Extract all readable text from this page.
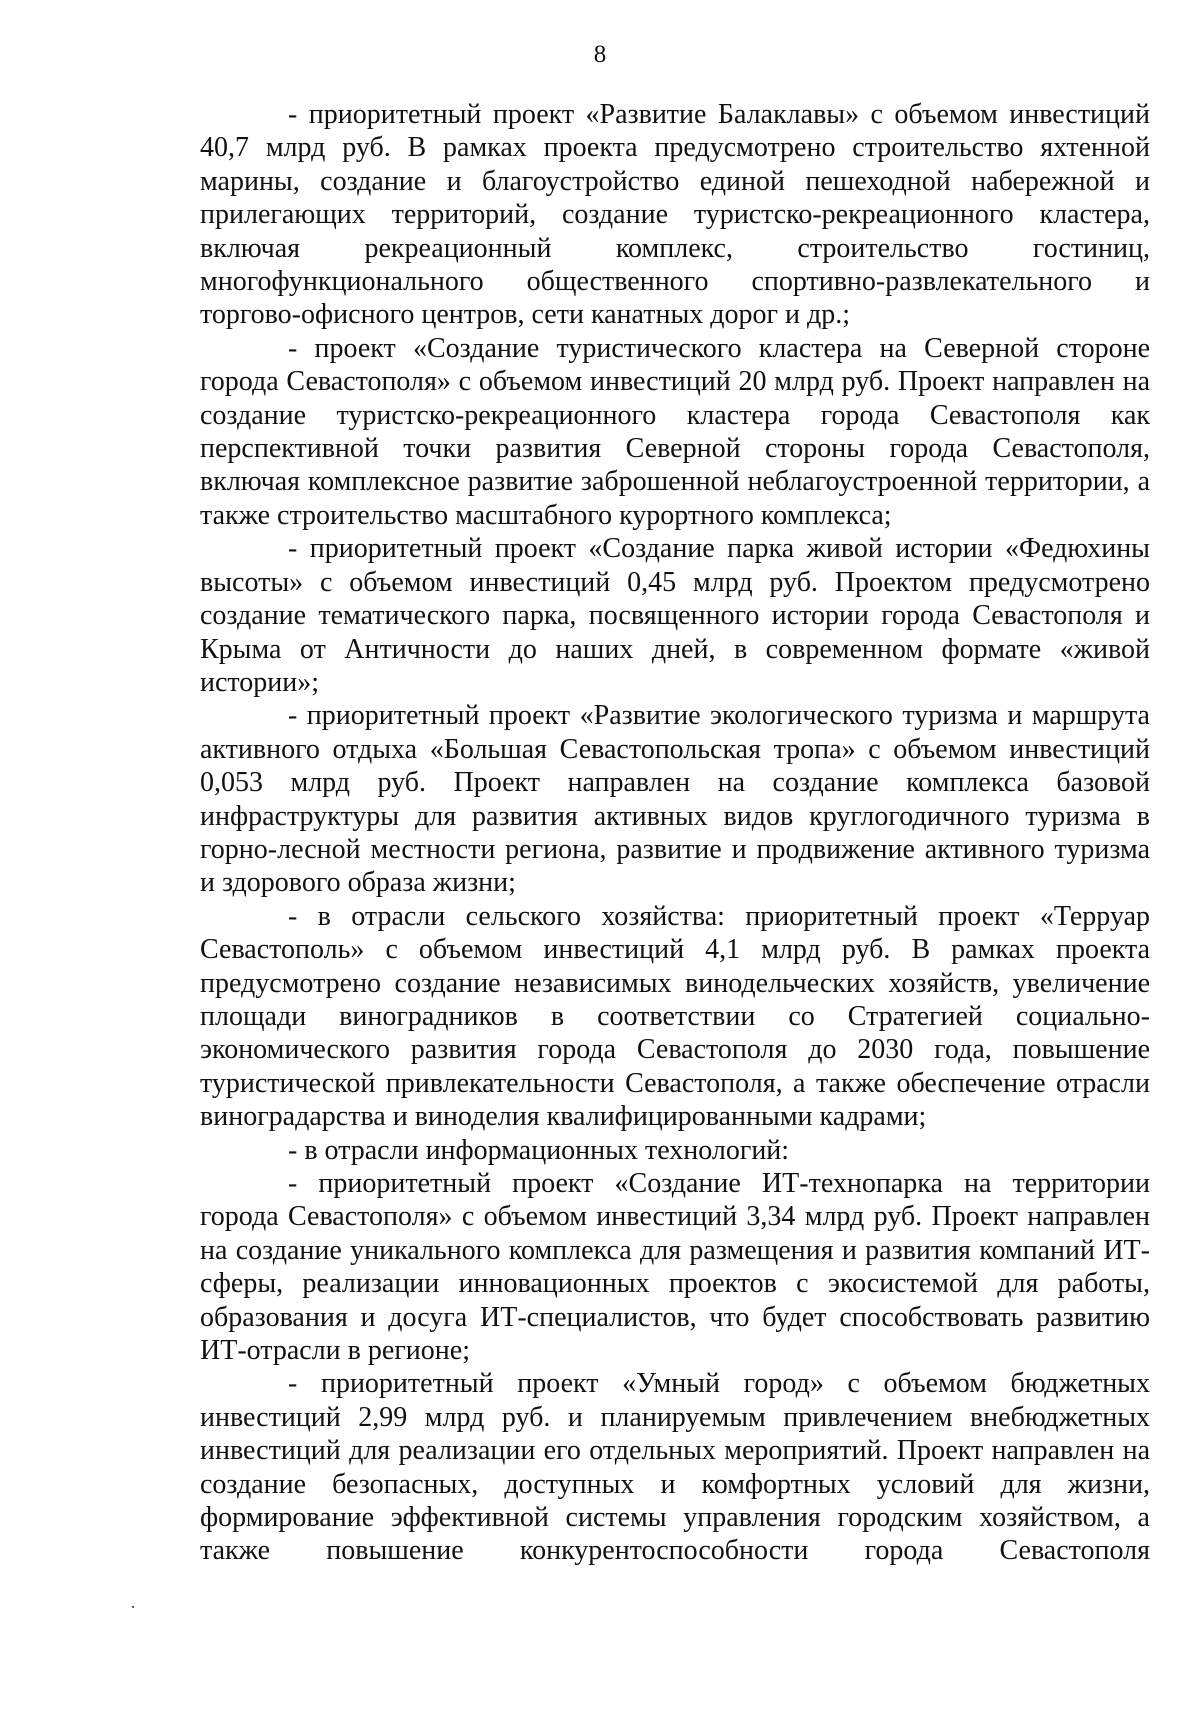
8

- приоритетный проект «Развитие Балаклавы» с объемом инвестиций 40,7 млрд руб. В рамках проекта предусмотрено строительство яхтенной марины, создание и благоустройство единой пешеходной набережной и прилегающих территорий, создание туристско-рекреационного кластера, включая рекреационный комплекс, строительство гостиниц, многофункционального общественного спортивно-развлекательного и торгово-офисного центров, сети канатных дорог и др.;

- проект «Создание туристического кластера на Северной стороне города Севастополя» с объемом инвестиций 20 млрд руб. Проект направлен на создание туристско-рекреационного кластера города Севастополя как перспективной точки развития Северной стороны города Севастополя, включая комплексное развитие заброшенной неблагоустроенной территории, а также строительство масштабного курортного комплекса;

- приоритетный проект «Создание парка живой истории «Федюхины высоты» с объемом инвестиций 0,45 млрд руб. Проектом предусмотрено создание тематического парка, посвященного истории города Севастополя и Крыма от Античности до наших дней, в современном формате «живой истории»;

- приоритетный проект «Развитие экологического туризма и маршрута активного отдыха «Большая Севастопольская тропа» с объемом инвестиций 0,053 млрд руб. Проект направлен на создание комплекса базовой инфраструктуры для развития активных видов круглогодичного туризма в горно-лесной местности региона, развитие и продвижение активного туризма и здорового образа жизни;

- в отрасли сельского хозяйства: приоритетный проект «Терруар Севастополь» с объемом инвестиций 4,1 млрд руб. В рамках проекта предусмотрено создание независимых винодельческих хозяйств, увеличение площади виноградников в соответствии со Стратегией социально-экономического развития города Севастополя до 2030 года, повышение туристической привлекательности Севастополя, а также обеспечение отрасли виноградарства и виноделия квалифицированными кадрами;

- в отрасли информационных технологий:

- приоритетный проект «Создание ИТ-технопарка на территории города Севастополя» с объемом инвестиций 3,34 млрд руб. Проект направлен на создание уникального комплекса для размещения и развития компаний ИТ-сферы, реализации инновационных проектов с экосистемой для работы, образования и досуга ИТ-специалистов, что будет способствовать развитию ИТ-отрасли в регионе;

- приоритетный проект «Умный город» с объемом бюджетных инвестиций 2,99 млрд руб. и планируемым привлечением внебюджетных инвестиций для реализации его отдельных мероприятий. Проект направлен на создание безопасных, доступных и комфортных условий для жизни, формирование эффективной системы управления городским хозяйством, а также повышение конкурентоспособности города Севастополя
